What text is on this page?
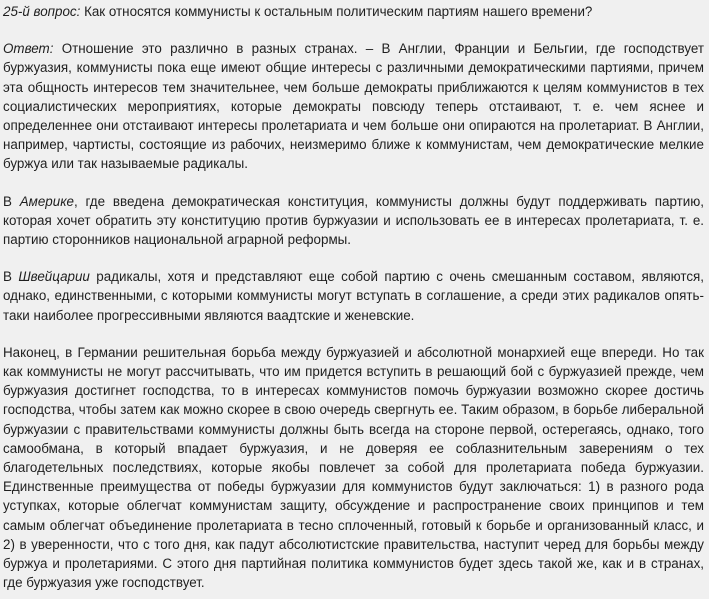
25-й вопрос: Как относятся коммунисты к остальным политическим партиям нашего времени?

Ответ: Отношение это различно в разных странах. – В Англии, Франции и Бельгии, где господствует буржуазия, коммунисты пока еще имеют общие интересы с различными демократическими партиями, причем эта общность интересов тем значительнее, чем больше демократы приближаются к целям коммунистов в тех социалистических мероприятиях, которые демократы повсюду теперь отстаивают, т. е. чем яснее и определеннее они отстаивают интересы пролетариата и чем больше они опираются на пролетариат. В Англии, например, чартисты, состоящие из рабочих, неизмеримо ближе к коммунистам, чем демократические мелкие буржуа или так называемые радикалы.

В Америке, где введена демократическая конституция, коммунисты должны будут поддерживать партию, которая хочет обратить эту конституцию против буржуазии и использовать ее в интересах пролетариата, т. е. партию сторонников национальной аграрной реформы.

В Швейцарии радикалы, хотя и представляют еще собой партию с очень смешанным составом, являются, однако, единственными, с которыми коммунисты могут вступать в соглашение, а среди этих радикалов опять-таки наиболее прогрессивными являются ваадтские и женевские.

Наконец, в Германии решительная борьба между буржуазией и абсолютной монархией еще впереди. Но так как коммунисты не могут рассчитывать, что им придется вступить в решающий бой с буржуазией прежде, чем буржуазия достигнет господства, то в интересах коммунистов помочь буржуазии возможно скорее достичь господства, чтобы затем как можно скорее в свою очередь свергнуть ее. Таким образом, в борьбе либеральной буржуазии с правительствами коммунисты должны быть всегда на стороне первой, остерегаясь, однако, того самообмана, в который впадает буржуазия, и не доверяя ее соблазнительным заверениям о тех благодетельных последствиях, которые якобы повлечет за собой для пролетариата победа буржуазии. Единственные преимущества от победы буржуазии для коммунистов будут заключаться: 1) в разного рода уступках, которые облегчат коммунистам защиту, обсуждение и распространение своих принципов и тем самым облегчат объединение пролетариата в тесно сплоченный, готовый к борьбе и организованный класс, и 2) в уверенности, что с того дня, как падут абсолютистские правительства, наступит черед для борьбы между буржуа и пролетариями. С этого дня партийная политика коммунистов будет здесь такой же, как и в странах, где буржуазия уже господствует.
